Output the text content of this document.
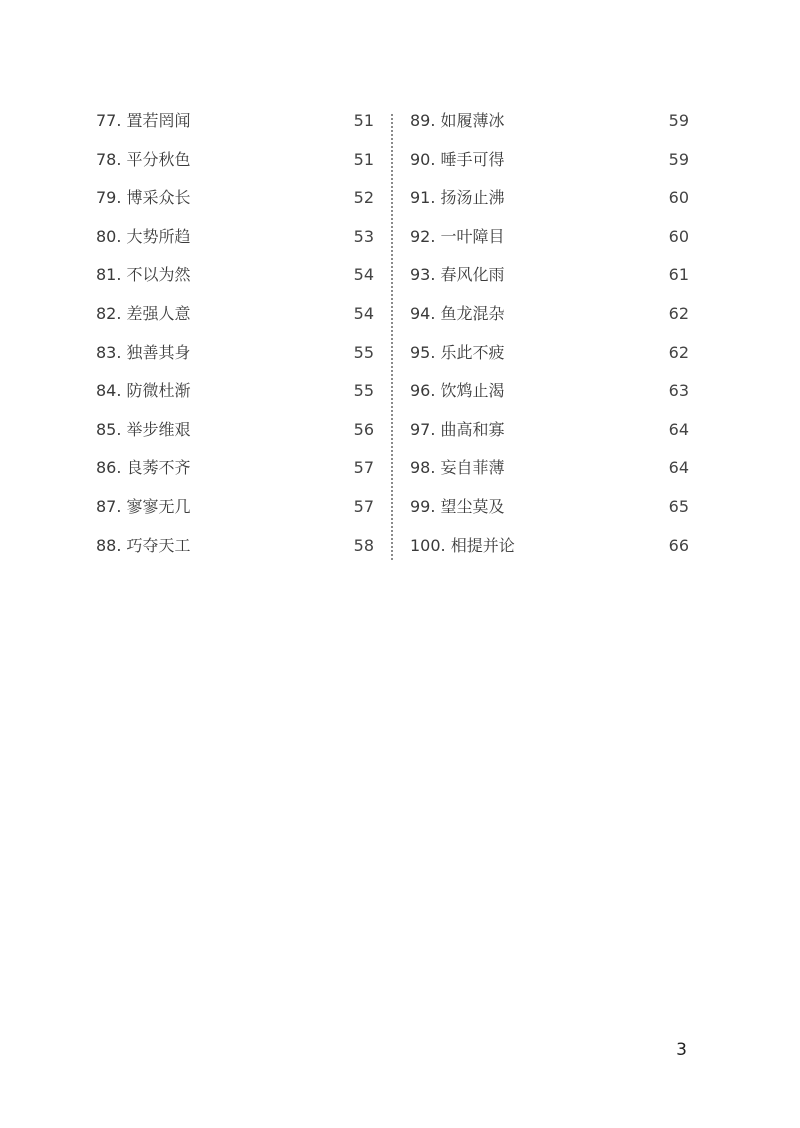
77. 置若罔闻	51
78. 平分秋色	51
79. 博采众长	52
80. 大势所趋	53
81. 不以为然	54
82. 差强人意	54
83. 独善其身	55
84. 防微杜渐	55
85. 举步维艰	56
86. 良莠不齐	57
87. 寥寥无几	57
88. 巧夺天工	58
89. 如履薄冰	59
90. 唾手可得	59
91. 扬汤止沸	60
92. 一叶障目	60
93. 春风化雨	61
94. 鱼龙混杂	62
95. 乐此不疲	62
96. 饮鸩止渴	63
97. 曲高和寡	64
98. 妄自菲薄	64
99. 望尘莫及	65
100. 相提并论	66
3
